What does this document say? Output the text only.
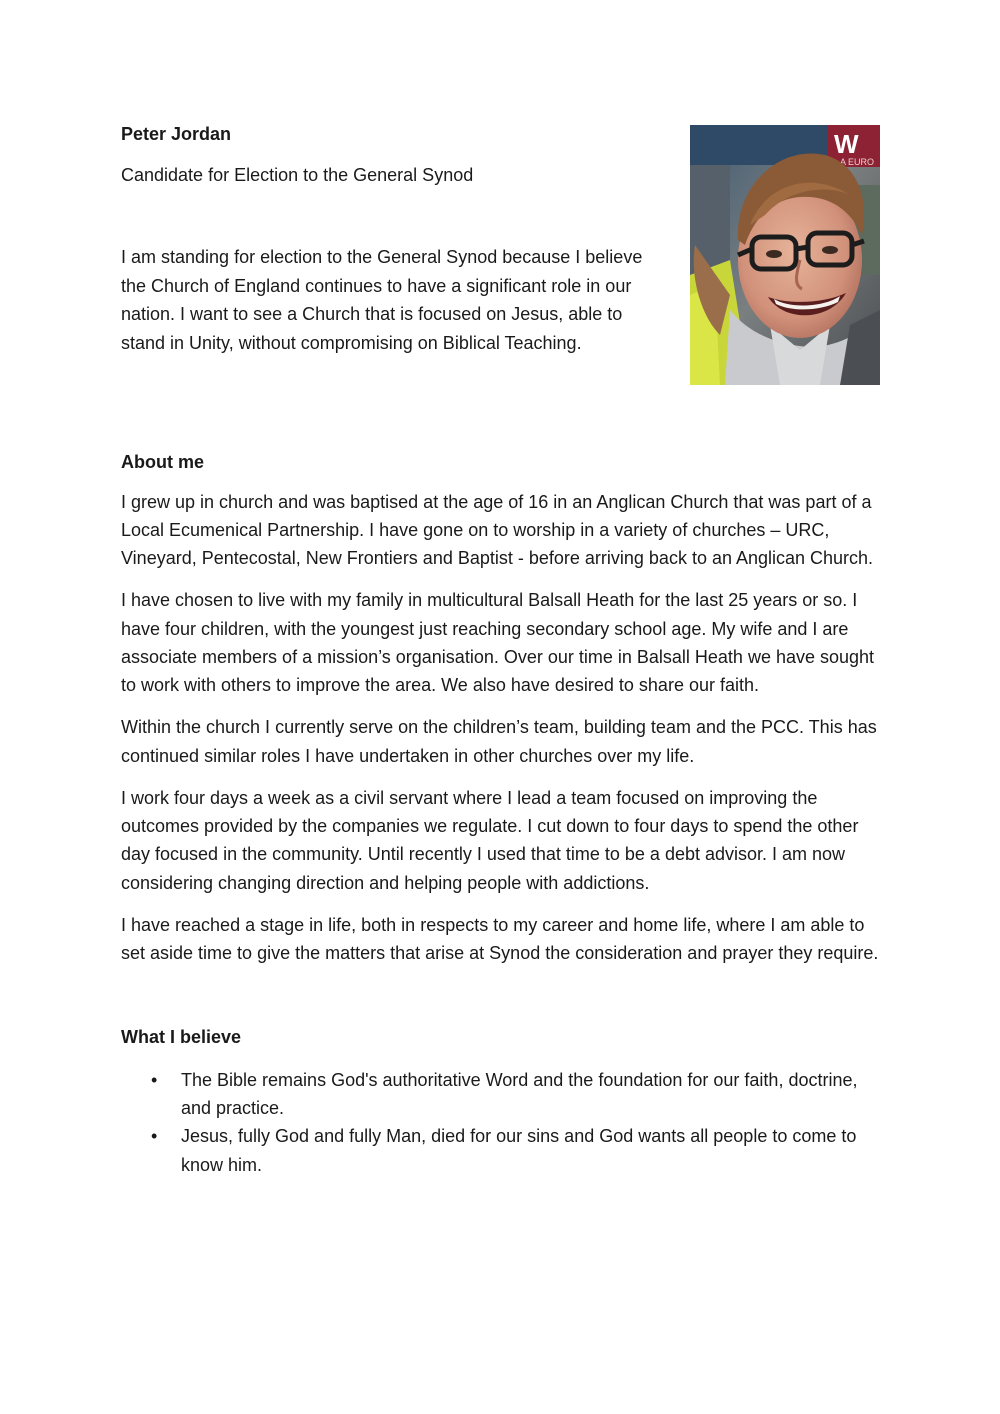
Peter Jordan

Candidate for Election to the General Synod

I am standing for election to the General Synod because I believe the Church of England continues to have a significant role in our nation. I want to see a Church that is focused on Jesus, able to stand in Unity, without compromising on Biblical Teaching.

W
A EURO

About me

I grew up in church and was baptised at the age of 16 in an Anglican Church that was part of a Local Ecumenical Partnership. I have gone on to worship in a variety of churches – URC, Vineyard, Pentecostal, New Frontiers and Baptist - before arriving back to an Anglican Church.

I have chosen to live with my family in multicultural Balsall Heath for the last 25 years or so. I have four children, with the youngest just reaching secondary school age. My wife and I are associate members of a mission’s organisation. Over our time in Balsall Heath we have sought to work with others to improve the area. We also have desired to share our faith.

Within the church I currently serve on the children’s team, building team and the PCC. This has continued similar roles I have undertaken in other churches over my life.

I work four days a week as a civil servant where I lead a team focused on improving the outcomes provided by the companies we regulate. I cut down to four days to spend the other day focused in the community. Until recently I used that time to be a debt advisor. I am now considering changing direction and helping people with addictions.

I have reached a stage in life, both in respects to my career and home life, where I am able to set aside time to give the matters that arise at Synod the consideration and prayer they require.

What I believe

• The Bible remains God's authoritative Word and the foundation for our faith, doctrine, and practice.
• Jesus, fully God and fully Man, died for our sins and God wants all people to come to know him.
